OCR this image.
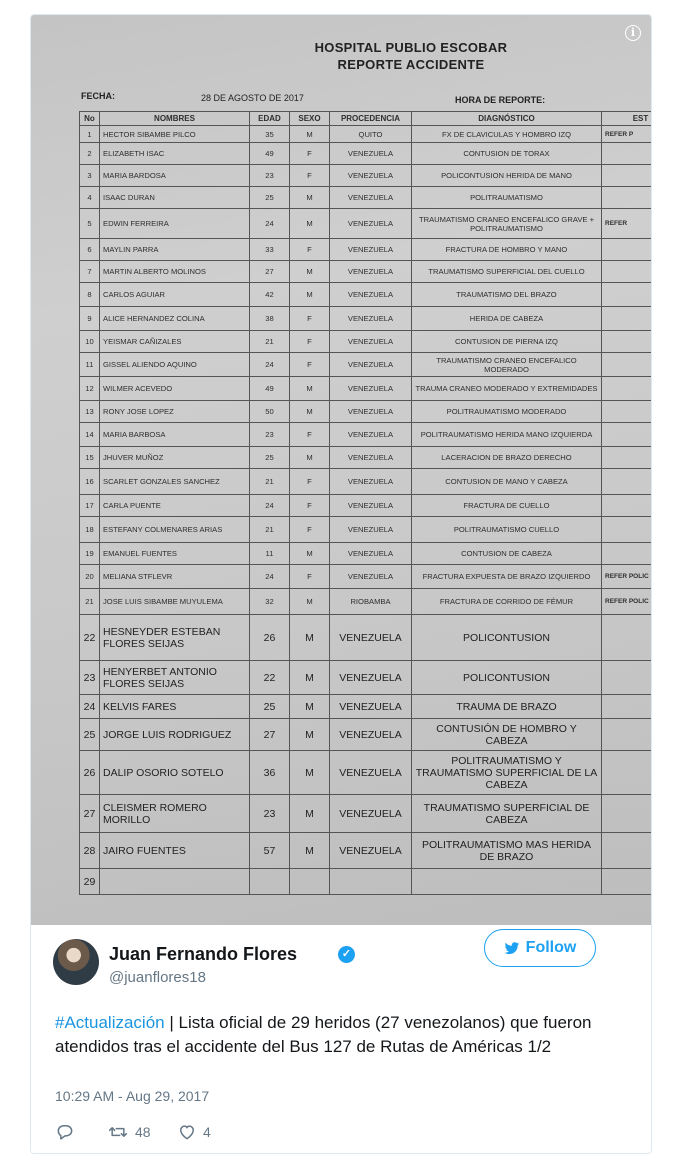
HOSPITAL PUBLIO ESCOBAR
REPORTE ACCIDENTE
FECHA:	28 DE AGOSTO DE 2017	HORA DE REPORTE:
No	NOMBRES	EDAD	SEXO	PROCEDENCIA	DIAGNÓSTICO	EST
1	HECTOR SIBAMBE PILCO	35	M	QUITO	FX DE CLAVICULAS Y HOMBRO IZQ	REFER P
2	ELIZABETH ISAC	49	F	VENEZUELA	CONTUSION DE TORAX	
3	MARIA BARDOSA	23	F	VENEZUELA	POLICONTUSION HERIDA DE MANO	
4	ISAAC DURAN	25	M	VENEZUELA	POLITRAUMATISMO	
5	EDWIN FERREIRA	24	M	VENEZUELA	TRAUMATISMO CRANEO ENCEFALICO GRAVE + POLITRAUMATISMO	REFER
6	MAYLIN PARRA	33	F	VENEZUELA	FRACTURA DE HOMBRO Y MANO	
7	MARTIN ALBERTO MOLINOS	27	M	VENEZUELA	TRAUMATISMO SUPERFICIAL DEL CUELLO	
8	CARLOS AGUIAR	42	M	VENEZUELA	TRAUMATISMO DEL BRAZO	
9	ALICE HERNANDEZ COLINA	38	F	VENEZUELA	HERIDA DE CABEZA	
10	YEISMAR CAÑIZALES	21	F	VENEZUELA	CONTUSION DE PIERNA IZQ	
11	GISSEL ALIENDO AQUINO	24	F	VENEZUELA	TRAUMATISMO CRANEO ENCEFALICO MODERADO	
12	WILMER ACEVEDO	49	M	VENEZUELA	TRAUMA CRANEO MODERADO Y EXTREMIDADES	
13	RONY JOSE LOPEZ	50	M	VENEZUELA	POLITRAUMATISMO MODERADO	
14	MARIA BARBOSA	23	F	VENEZUELA	POLITRAUMATISMO HERIDA MANO IZQUIERDA	
15	JHUVER MUÑOZ	25	M	VENEZUELA	LACERACION DE BRAZO DERECHO	
16	SCARLET GONZALES SANCHEZ	21	F	VENEZUELA	CONTUSION DE MANO Y CABEZA	
17	CARLA PUENTE	24	F	VENEZUELA	FRACTURA DE CUELLO	
18	ESTEFANY COLMENARES ARIAS	21	F	VENEZUELA	POLITRAUMATISMO CUELLO	
19	EMANUEL FUENTES	11	M	VENEZUELA	CONTUSION DE CABEZA	
20	MELIANA STFLEVR	24	F	VENEZUELA	FRACTURA EXPUESTA DE BRAZO IZQUIERDO	REFER POLIC
21	JOSE LUIS SIBAMBE MUYULEMA	32	M	RIOBAMBA	FRACTURA DE CORRIDO DE FÉMUR	REFER POLIC
22	HESNEYDER ESTEBAN FLORES SEIJAS	26	M	VENEZUELA	POLICONTUSION	
23	HENYERBET ANTONIO FLORES SEIJAS	22	M	VENEZUELA	POLICONTUSION	
24	KELVIS FARES	25	M	VENEZUELA	TRAUMA DE BRAZO	
25	JORGE LUIS RODRIGUEZ	27	M	VENEZUELA	CONTUSIÓN DE HOMBRO Y CABEZA	
26	DALIP OSORIO SOTELO	36	M	VENEZUELA	POLITRAUMATISMO Y TRAUMATISMO SUPERFICIAL DE LA CABEZA	
27	CLEISMER ROMERO MORILLO	23	M	VENEZUELA	TRAUMATISMO SUPERFICIAL DE CABEZA	
28	JAIRO FUENTES	57	M	VENEZUELA	POLITRAUMATISMO MAS HERIDA DE BRAZO	
29						
i
Juan Fernando Flores	✓
@juanflores18
#Actualización | Lista oficial de 29 heridos (27 venezolanos) que fueron atendidos tras el accidente del Bus 127 de Rutas de Américas 1/2
10:29 AM - Aug 29, 2017
48	4
Follow
